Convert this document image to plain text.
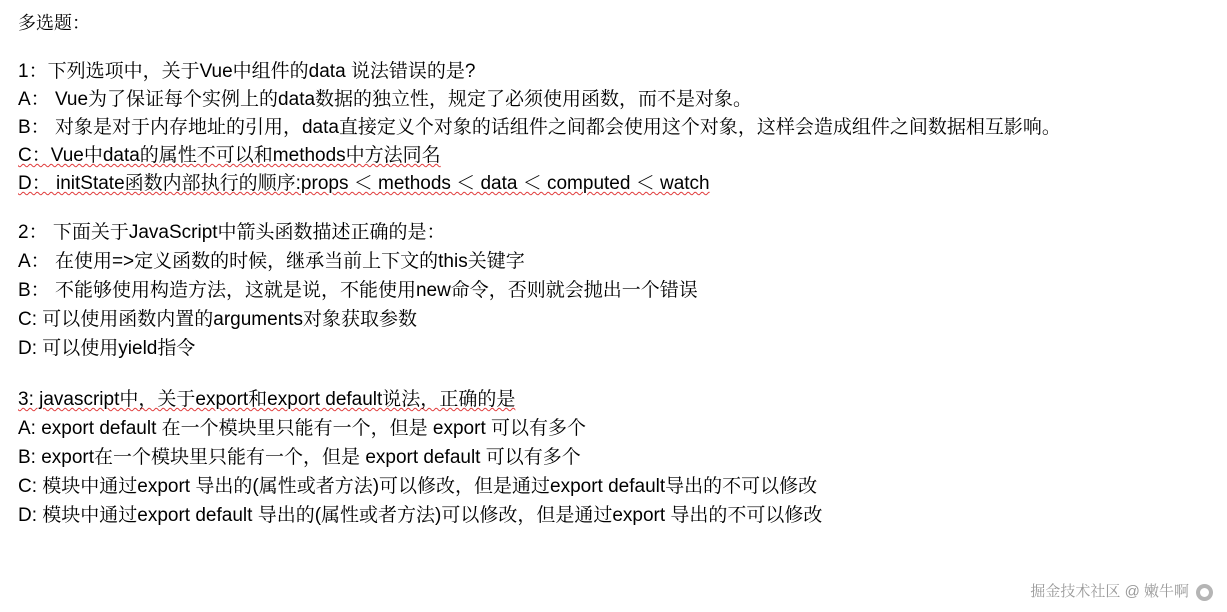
多选题：
1：下列选项中，关于Vue中组件的data 说法错误的是?
A： Vue为了保证每个实例上的data数据的独立性，规定了必须使用函数，而不是对象。
B： 对象是对于内存地址的引用，data直接定义个对象的话组件之间都会使用这个对象，这样会造成组件之间数据相互影响。
C：Vue中data的属性不可以和methods中方法同名
D： initState函数内部执行的顺序:props ＜ methods ＜ data ＜ computed ＜ watch
2： 下面关于JavaScript中箭头函数描述正确的是：
A： 在使用=>定义函数的时候，继承当前上下文的this关键字
B： 不能够使用构造方法，这就是说，不能使用new命令，否则就会抛出一个错误
C: 可以使用函数内置的arguments对象获取参数
D: 可以使用yield指令
3: javascript中，关于export和export default说法，正确的是
A: export default 在一个模块里只能有一个，但是 export 可以有多个
B: export在一个模块里只能有一个，但是 export default 可以有多个
C: 模块中通过export 导出的(属性或者方法)可以修改，但是通过export default导出的不可以修改
D: 模块中通过export default 导出的(属性或者方法)可以修改，但是通过export 导出的不可以修改
掘金技术社区 @ 嫩牛啊
